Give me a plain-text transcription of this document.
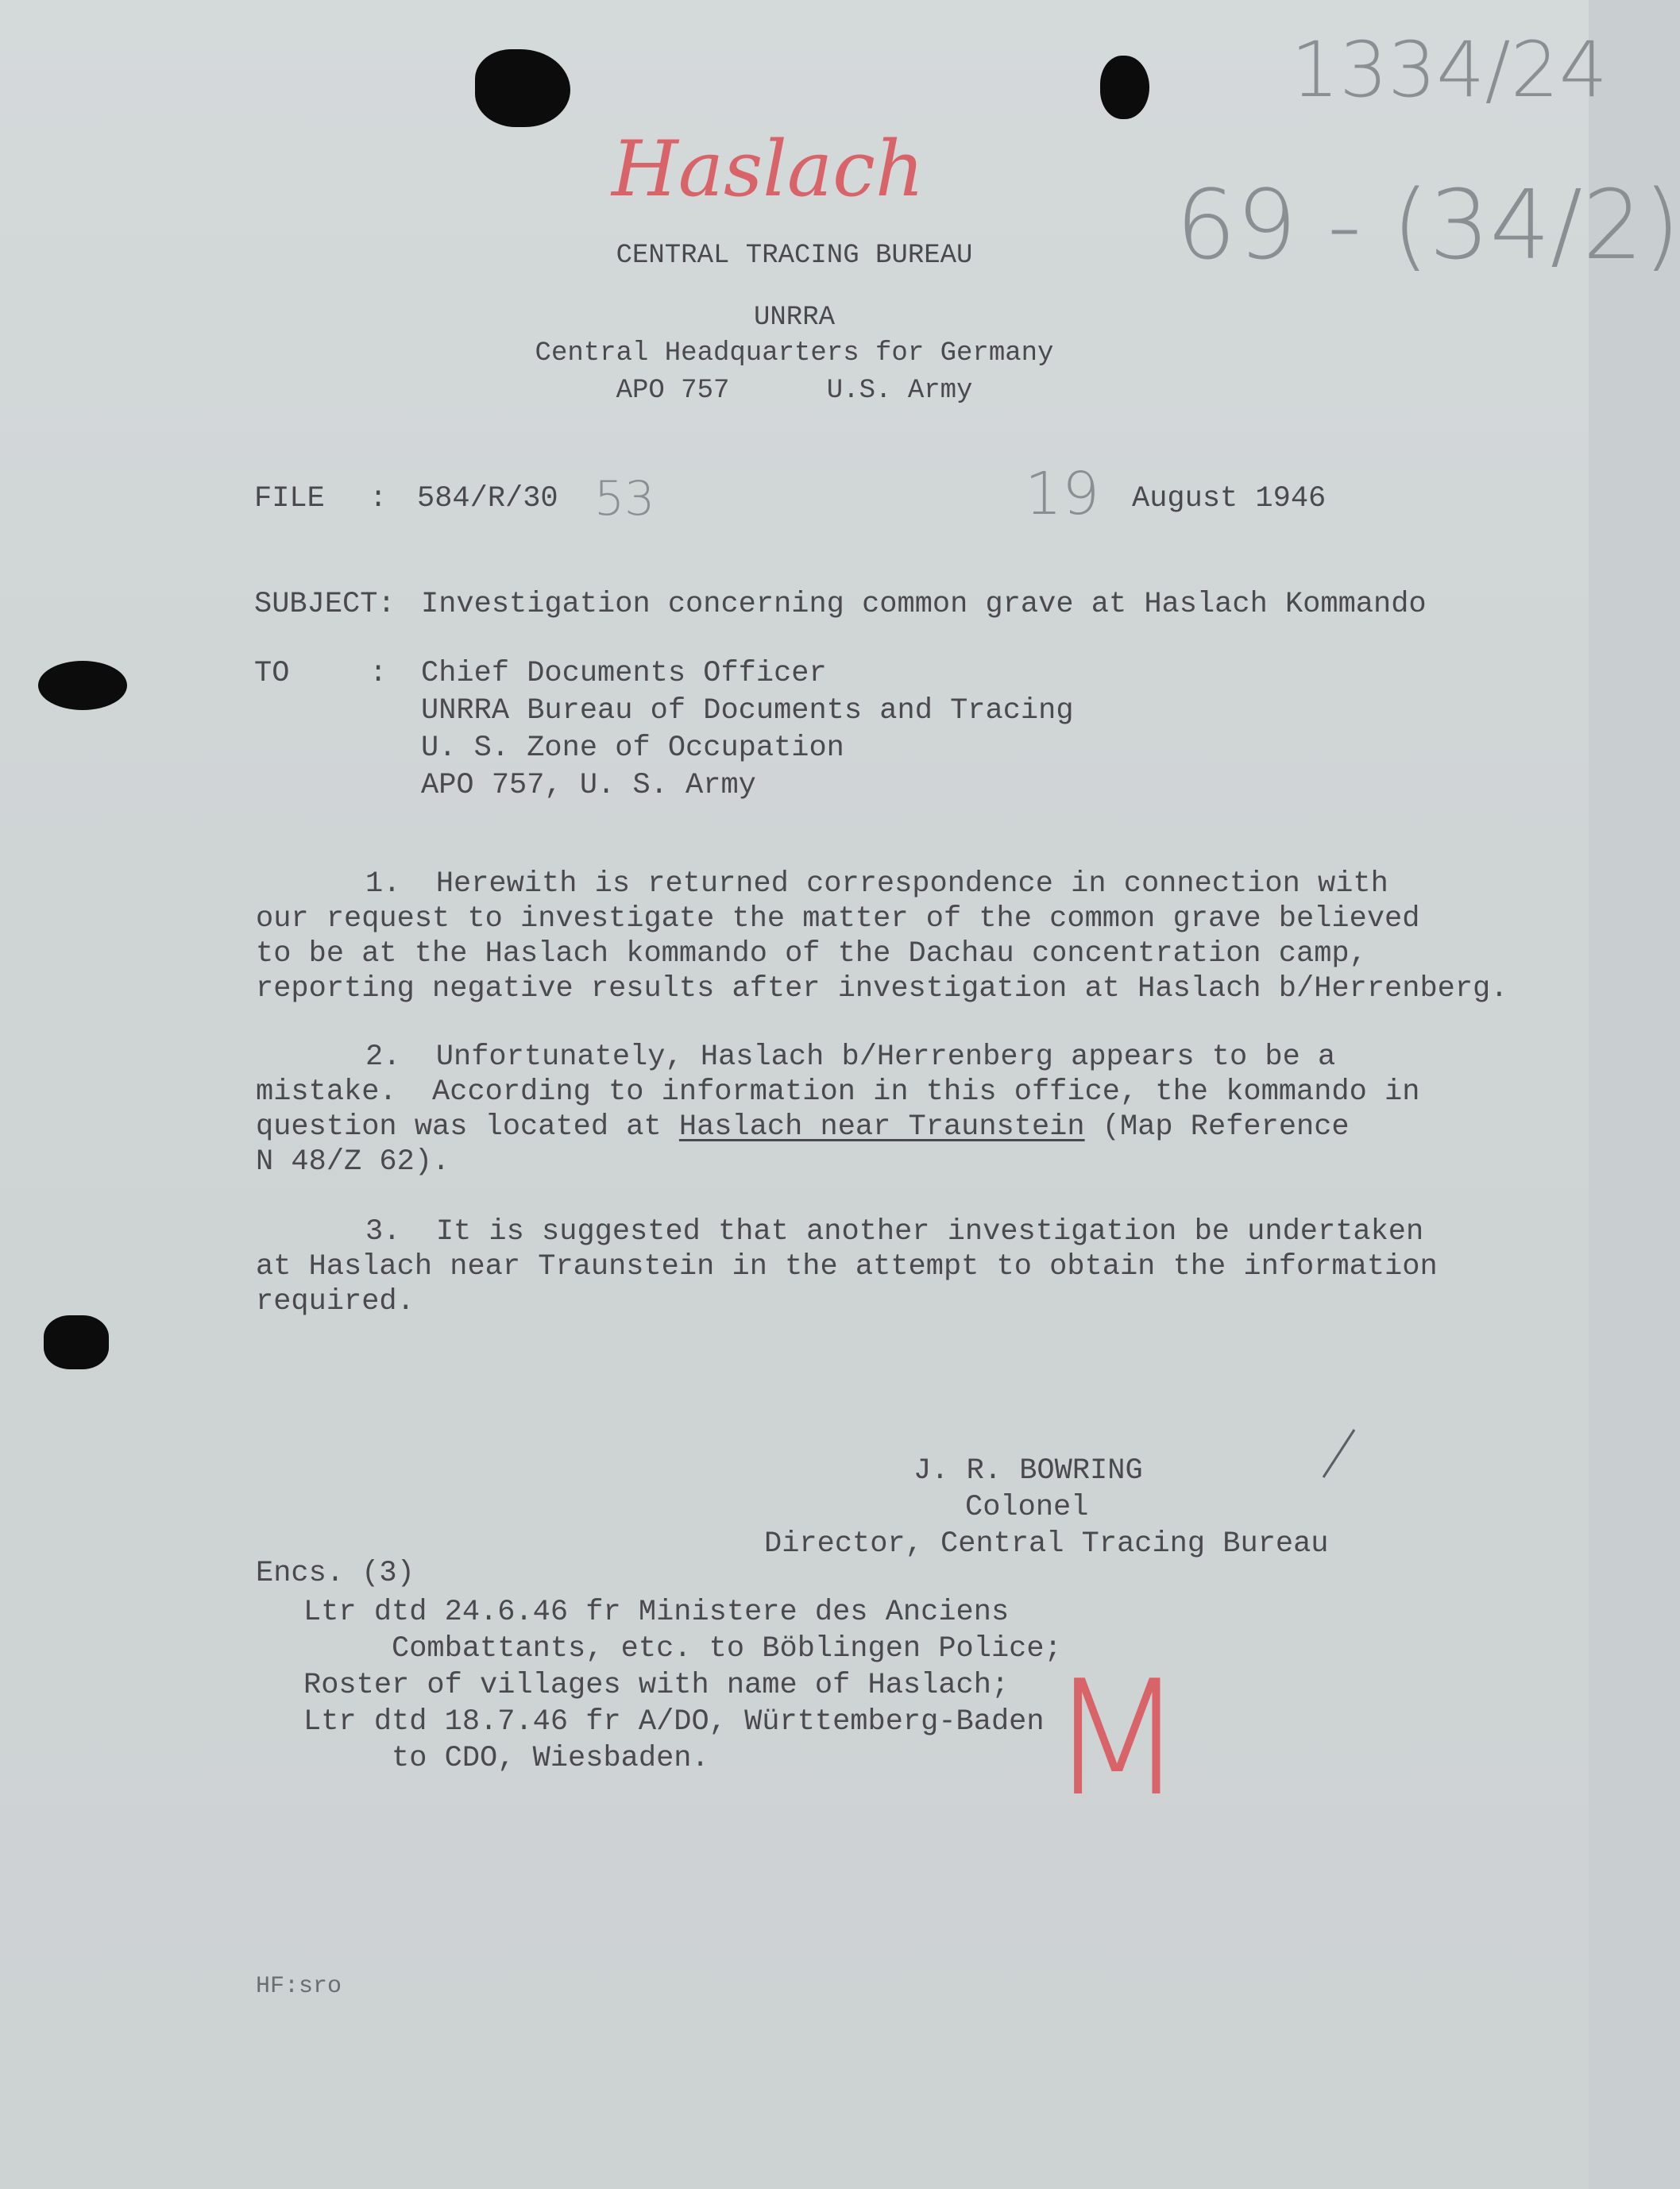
Haslach
1334/24
69 - (34/2)
CENTRAL TRACING BUREAU
UNRRA
Central Headquarters for Germany
APO 757      U.S. Army
FILE : 584/R/30 53	19 August 1946
SUBJECT: Investigation concerning common grave at Haslach Kommando
TO	: Chief Documents Officer
UNRRA Bureau of Documents and Tracing
U. S. Zone of Occupation
APO 757, U. S. Army
1.  Herewith is returned correspondence in connection with
our request to investigate the matter of the common grave believed
to be at the Haslach kommando of the Dachau concentration camp,
reporting negative results after investigation at Haslach b/Herrenberg.
2.  Unfortunately, Haslach b/Herrenberg appears to be a
mistake.  According to information in this office, the kommando in
question was located at Haslach near Traunstein (Map Reference
N 48/Z 62).
3.  It is suggested that another investigation be undertaken
at Haslach near Traunstein in the attempt to obtain the information
required.
J. R. BOWRING
Colonel
Director, Central Tracing Bureau
Encs. (3)
Ltr dtd 24.6.46 fr Ministere des Anciens
Combattants, etc. to Böblingen Police;
Roster of villages with name of Haslach;
Ltr dtd 18.7.46 fr A/DO, Württemberg-Baden
to CDO, Wiesbaden. M
HF:sro
